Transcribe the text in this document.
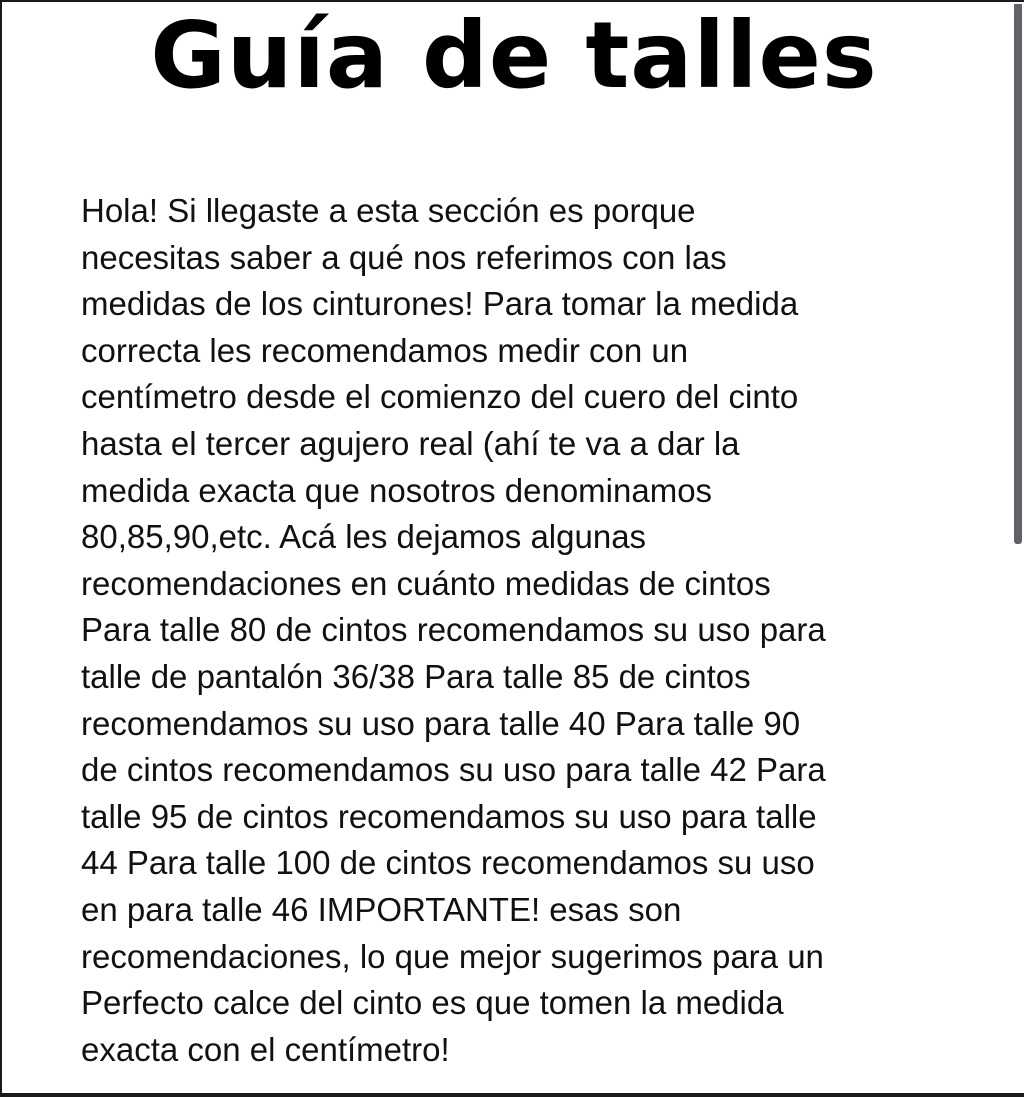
Guía de talles

Hola! Si llegaste a esta sección es porque
necesitas saber a qué nos referimos con las
medidas de los cinturones! Para tomar la medida
correcta les recomendamos medir con un
centímetro desde el comienzo del cuero del cinto
hasta el tercer agujero real (ahí te va a dar la
medida exacta que nosotros denominamos
80,85,90,etc. Acá les dejamos algunas
recomendaciones en cuánto medidas de cintos
Para talle 80 de cintos recomendamos su uso para
talle de pantalón 36/38 Para talle 85 de cintos
recomendamos su uso para talle 40 Para talle 90
de cintos recomendamos su uso para talle 42 Para
talle 95 de cintos recomendamos su uso para talle
44 Para talle 100 de cintos recomendamos su uso
en para talle 46 IMPORTANTE! esas son
recomendaciones, lo que mejor sugerimos para un
Perfecto calce del cinto es que tomen la medida
exacta con el centímetro!
